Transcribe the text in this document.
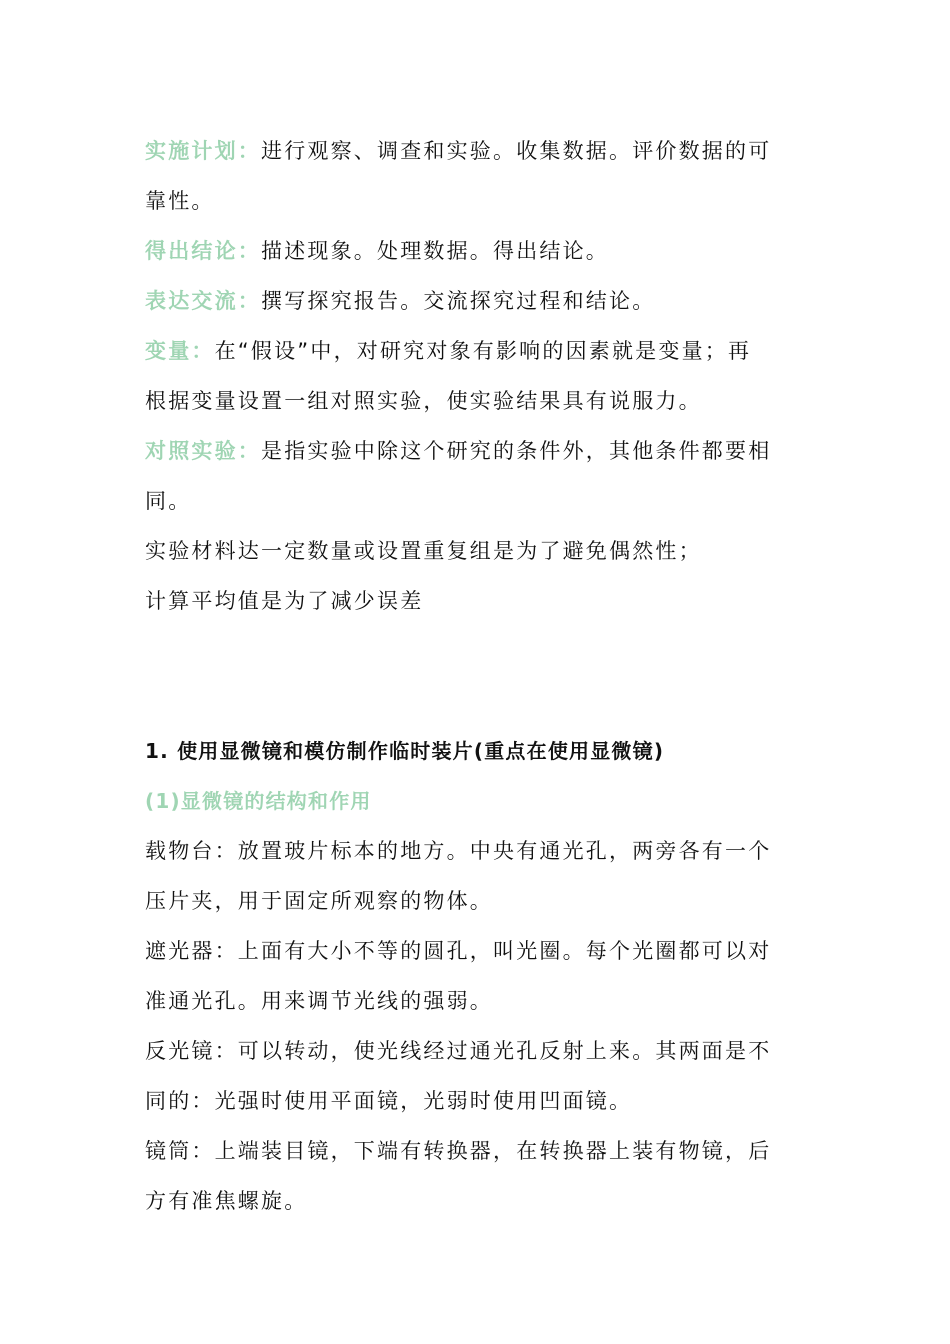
实施计划：进行观察、调查和实验。收集数据。评价数据的可
靠性。
得出结论：描述现象。处理数据。得出结论。
表达交流：撰写探究报告。交流探究过程和结论。
变量：在“假设”中，对研究对象有影响的因素就是变量；再
根据变量设置一组对照实验，使实验结果具有说服力。
对照实验：是指实验中除这个研究的条件外，其他条件都要相
同。
实验材料达一定数量或设置重复组是为了避免偶然性；
计算平均值是为了减少误差
1. 使用显微镜和模仿制作临时装片(重点在使用显微镜)
(1)显微镜的结构和作用
载物台：放置玻片标本的地方。中央有通光孔，两旁各有一个
压片夹，用于固定所观察的物体。
遮光器：上面有大小不等的圆孔，叫光圈。每个光圈都可以对
准通光孔。用来调节光线的强弱。
反光镜：可以转动，使光线经过通光孔反射上来。其两面是不
同的：光强时使用平面镜，光弱时使用凹面镜。
镜筒：上端装目镜，下端有转换器，在转换器上装有物镜，后
方有准焦螺旋。
